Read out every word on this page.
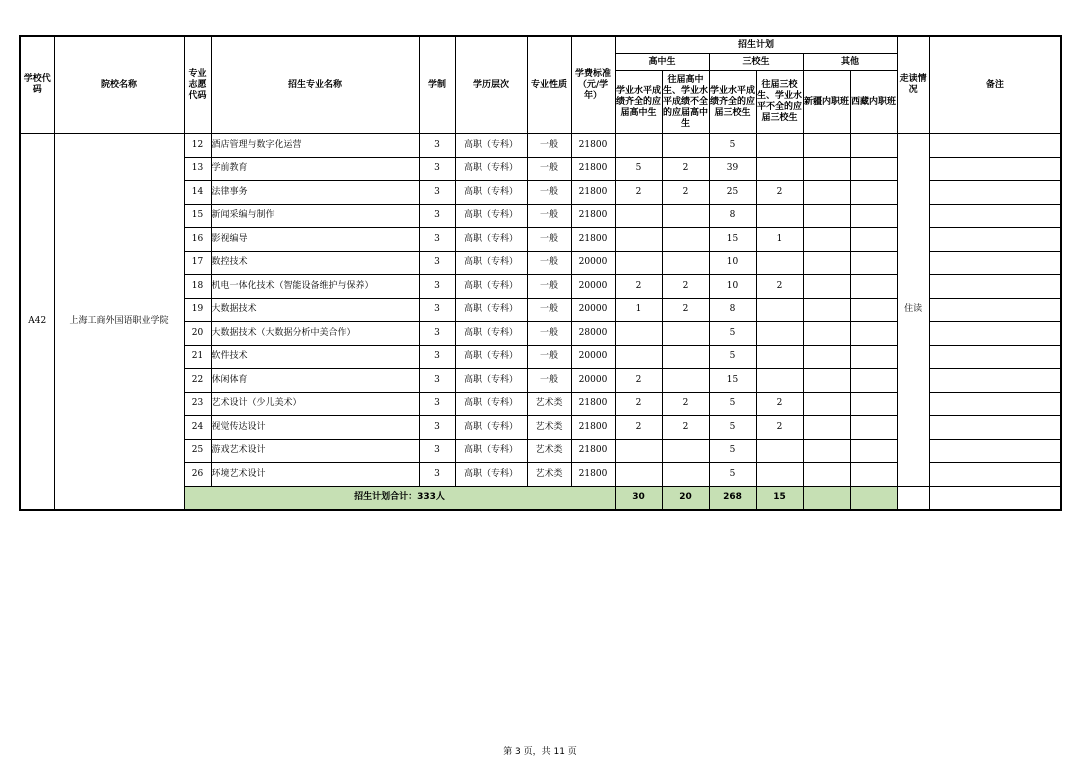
学校代码	院校名称	专业志愿代码	招生专业名称	学制	学历层次	专业性质	学费标准（元/学年）	招生计划						走读情况	备注
								高中生		三校生		其他			
								学业水平成绩齐全的应届高中生	往届高中生、学业水平成绩不全的应届高中生	学业水平成绩齐全的应届三校生	往届三校生、学业水平不全的应届三校生	新疆内职班	西藏内职班		
A42	上海工商外国语职业学院	12	酒店管理与数字化运营	3	高职（专科）	一般	21800			5				住读	
		13	学前教育	3	高职（专科）	一般	21800	5	2	39					
		14	法律事务	3	高职（专科）	一般	21800	2	2	25	2				
		15	新闻采编与制作	3	高职（专科）	一般	21800			8					
		16	影视编导	3	高职（专科）	一般	21800			15	1				
		17	数控技术	3	高职（专科）	一般	20000			10					
		18	机电一体化技术（智能设备维护与保养）	3	高职（专科）	一般	20000	2	2	10	2				
		19	大数据技术	3	高职（专科）	一般	20000	1	2	8					
		20	大数据技术（大数据分析中美合作）	3	高职（专科）	一般	28000			5					
		21	软件技术	3	高职（专科）	一般	20000			5					
		22	休闲体育	3	高职（专科）	一般	20000	2		15					
		23	艺术设计（少儿美术）	3	高职（专科）	艺术类	21800	2	2	5	2				
		24	视觉传达设计	3	高职（专科）	艺术类	21800	2	2	5	2				
		25	游戏艺术设计	3	高职（专科）	艺术类	21800			5					
		26	环境艺术设计	3	高职（专科）	艺术类	21800			5					
		招生计划合计：333人						30	20	268	15				
第 3 页，共 11 页
